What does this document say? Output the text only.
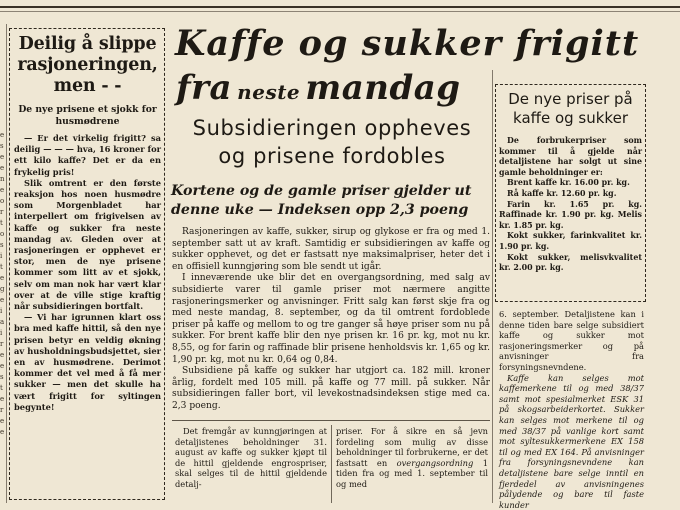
e
s
e
e
n
e
o
r
t
o
s
i
t
e
g
e
i
a
i
r
e
e
s
t
e
r
e
e
Deilig å slippe rasjoneringen, men - -
De nye prisene et sjokk for husmødrene

— Er det virkelig frigitt? sa deilig — — — hva, 16 kroner for ett kilo kaffe? Det er da en frykelig pris!

Slik omtrent er den første reaksjon hos noen husmødre som Morgenbladet har interpellert om frigivelsen av kaffe og sukker fra neste mandag av. Gleden over at rasjoneringen er opphevet er stor, men de nye prisene kommer som litt av et sjokk, selv om man nok har vært klar over at de ville stige kraftig når subsidieringen bortfalt.

— Vi har igrunnen klart oss bra med kaffe hittil, så den nye prisen betyr en veldig økning av husholdningsbudsjettet, sier en av husmødrene. Derimot kommer det vel med å få mer sukker — men det skulle ha vært frigitt for syltingen begynte!

Kaffe og sukker frigitt
fra neste mandag
Subsidieringen oppheves
og prisene fordobles
Kortene og de gamle priser gjelder ut
denne uke — Indeksen opp 2,3 poeng

Rasjoneringen av kaffe, sukker, sirup og glykose er fra og med 1. september satt ut av kraft. Samtidig er subsidieringen av kaffe og sukker opphevet, og det er fastsatt nye maksimalpriser, heter det i en offisiell kunngjøring som ble sendt ut igår.

I inneværende uke blir det en overgangsordning, med salg av subsidierte varer til gamle priser mot nærmere angitte rasjoneringsmerker og anvisninger. Fritt salg kan først skje fra og med neste mandag, 8. september, og da til omtrent fordoblede priser på kaffe og mellom to og tre ganger så høye priser som nu på sukker. For brent kaffe blir den nye prisen kr. 16 pr. kg, mot nu kr. 8,55, og for farin og raffinade blir prisene henholdsvis kr. 1,65 og kr. 1,90 pr. kg, mot nu kr. 0,64 og 0,84.

Subsidiene på kaffe og sukker har utgjort ca. 182 mill. kroner årlig, fordelt med 105 mill. på kaffe og 77 mill. på sukker. Når subsidieringen faller bort, vil levekostnadsindeksen stige med ca. 2,3 poeng.

Det fremgår av kunngjøringen at detaljistenes beholdninger 31. august av kaffe og sukker kjøpt til de hittil gjeldende engrospriser, skal selges til de hittil gjeldende detalj-

priser. For å sikre en så jevn fordeling som mulig av disse beholdninger til forbrukerne, er det fastsatt en overgangsordning 1 tiden fra og med 1. september til og med

De nye priser på kaffe og sukker
De forbrukerpriser som kommer til å gjelde når detaljistene har solgt ut sine gamle beholdninger er:

Brent kaffe kr. 16.00 pr. kg.

Rå kaffe kr. 12.60 pr. kg.

Farin kr. 1.65 pr. kg. Raffinade kr. 1.90 pr. kg. Melis kr. 1.85 pr. kg.

Kokt sukker, farinkvalitet kr. 1.90 pr. kg.

Kokt sukker, melisvkvalitet kr. 2.00 pr. kg.

6. september. Detaljistene kan i denne tiden bare selge subsidiert kaffe og sukker mot rasjoneringsmerker og på anvisninger fra forsyningsnevndene.

Kaffe kan selges mot kaffemerkene til og med 38/37 samt mot spesialmerket ESK 31 på skogsarbeiderkortet. Sukker kan selges mot merkene til og med 38/37 på vanlige kort samt mot syltesukkermerkene EX 158 til og med EX 164. På anvisninger fra forsyningsnevndene kan detaljistene bare selge inntil en fjerdedel av anvisningenes pålydende og bare til faste kunder
